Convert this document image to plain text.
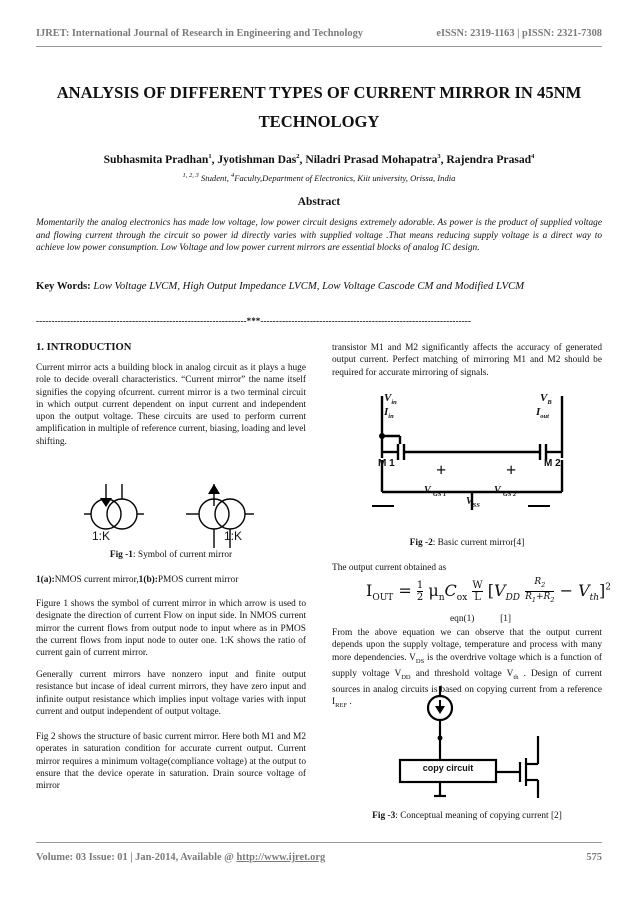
IJRET: International Journal of Research in Engineering and Technology	eISSN: 2319-1163 | pISSN: 2321-7308
ANALYSIS OF DIFFERENT TYPES OF CURRENT MIRROR IN 45NM
TECHNOLOGY
Subhasmita Pradhan$^1$, Jyotishman Das$^2$, Niladri Prasad Mohapatra$^3$, Rajendra Prasad$^4$
$^{1, 2, 3}$ Student, $^4$Faculty,Department of Electronics, Kiit university, Orissa, India
Abstract
Momentarily the analog electronics has made low voltage, low power circuit designs extremely adorable. As power is the product of supplied voltage and flowing current through the circuit so power id directly varies with supplied voltage .That means reducing supply voltage is a direct way to achieve low power consumption. Low Voltage and low power current mirrors are essential blocks of analog IC design.
Key Words: Low Voltage LVCM, High Output Impedance LVCM, Low Voltage Cascode CM and Modified LVCM
--------------------------------------------------------------------***--------------------------------------------------------------------
1. INTRODUCTION
Current mirror acts a building block in analog circuit as it plays a huge role to decide overall characteristics. “Current mirror” the name itself signifies the copying ofcurrent. current mirror is a two terminal circuit in which output current dependent on input current and independent upon the output voltage. These circuits are used to perform current amplification in multiple of reference current, biasing, loading and level shifting.
1:K	1:K
Fig -1: Symbol of current mirror
1(a):NMOS current mirror,1(b):PMOS current mirror
Figure 1 shows the symbol of current mirror in which arrow is used to designate the direction of current Flow on input side. In NMOS current mirror the current flows from output node to input where as in PMOS the current flows from input node to outer one. 1:K shows the ratio of current gain of current mirror.
Generally current mirrors have nonzero input and finite output resistance but incase of ideal current mirrors, they have zero input and infinite output resistance which implies input voltage varies with input current and output independent of output voltage.
Fig 2 shows the structure of basic current mirror. Here both M1 and M2 operates in saturation condition for accurate current output. Current mirror requires a minimum voltage(compliance voltage) at the output to ensure that the device operate in saturation. Drain source voltage of mirror
transistor M1 and M2 significantly affects the accuracy of generated output current. Perfect matching of mirroring M1 and M2 should be required for accurate mirroring of signals.
$V_{in}$
$I_{in}$
$V_B$
$I_{out}$
M 1	M 2
+	+
V $_{GS 1}$	V $_{GS 2}$
$V_{SS}$
Fig -2: Basic current mirror[4]
The output current obtained as
$I_{OUT} = \frac{1}{2} \mu_nC_{ox} \frac{W}{L} [V_{DD} \frac{R_2}{R_1+R_2} - V_{th}]^2$
eqn(1)           [1]
From the above equation we can observe that the output current depends upon the supply voltage, temperature and process with many more dependencies. $V_{DS}$ is the overdrive voltage which is a function of supply voltage $V_{DD}$ and threshold voltage $V_{th}$ . Design of current sources in analog circuits is based on copying current from a reference $I_{REF}$ .
copy circuit
Fig -3: Conceptual meaning of copying current [2]
Volume: 03 Issue: 01 | Jan-2014, Available @ http://www.ijret.org	575
